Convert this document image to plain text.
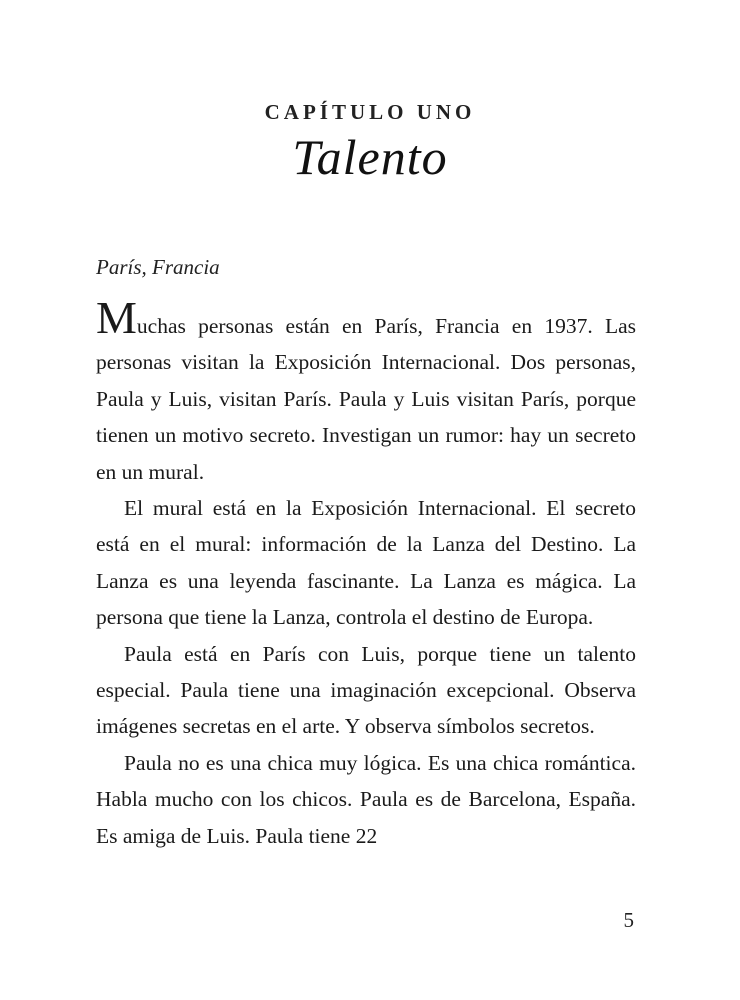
CAPÍTULO UNO
Talento
París, Francia

Muchas personas están en París, Francia en 1937. Las personas visitan la Exposición Internacional. Dos personas, Paula y Luis, visitan París. Paula y Luis visitan París, porque tienen un motivo secreto. Investigan un rumor: hay un secreto en un mural.

El mural está en la Exposición Internacional. El secreto está en el mural: información de la Lanza del Destino. La Lanza es una leyenda fascinante. La Lanza es mágica. La persona que tiene la Lanza, controla el destino de Europa.

Paula está en París con Luis, porque tiene un talento especial. Paula tiene una imaginación excepcional. Observa imágenes secretas en el arte. Y observa símbolos secretos.

Paula no es una chica muy lógica. Es una chica romántica. Habla mucho con los chicos. Paula es de Barcelona, España. Es amiga de Luis. Paula tiene 22

5
